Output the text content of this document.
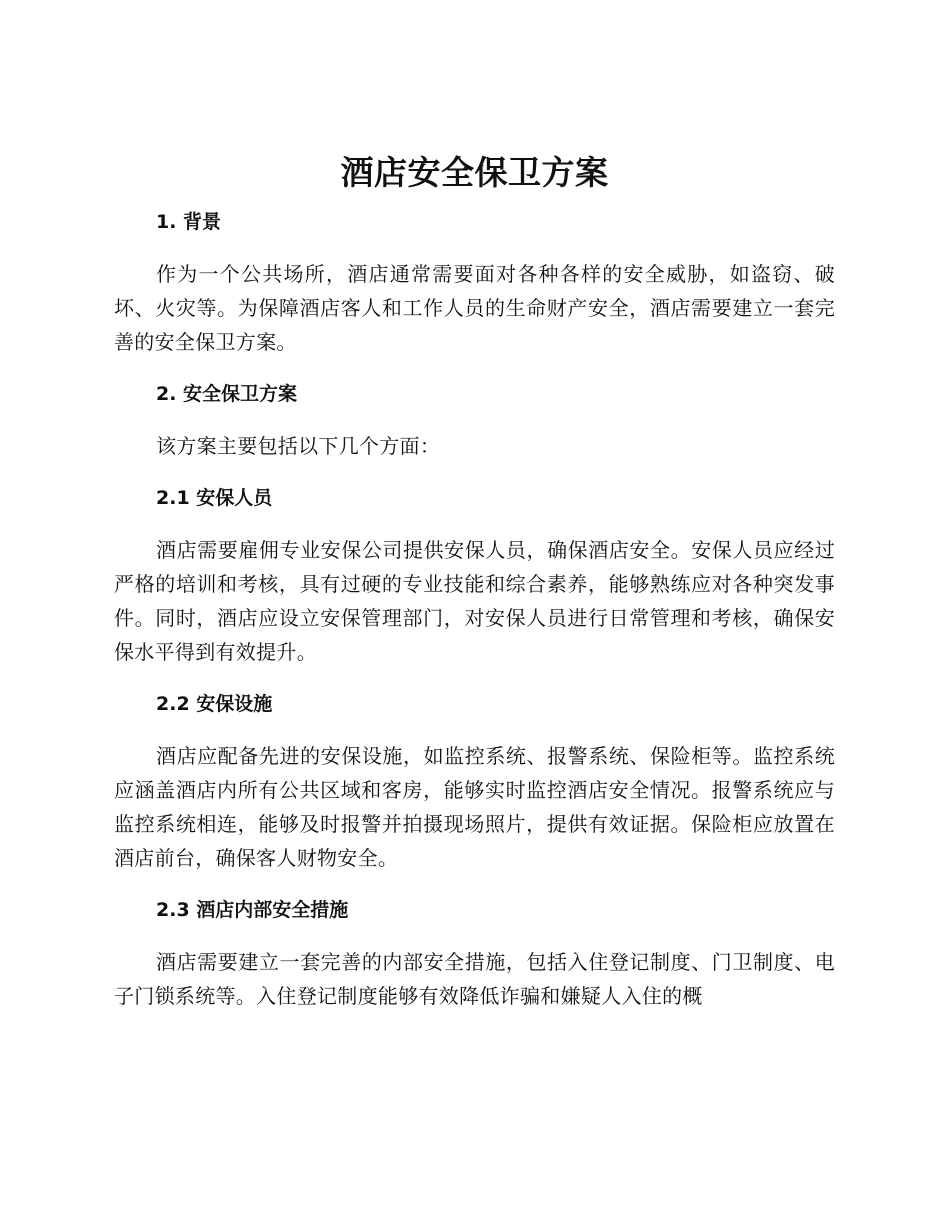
酒店安全保卫方案
1. 背景

作为一个公共场所，酒店通常需要面对各种各样的安全威胁，如盗窃、破坏、火灾等。为保障酒店客人和工作人员的生命财产安全，酒店需要建立一套完善的安全保卫方案。

2. 安全保卫方案

该方案主要包括以下几个方面：

2.1 安保人员

酒店需要雇佣专业安保公司提供安保人员，确保酒店安全。安保人员应经过严格的培训和考核，具有过硬的专业技能和综合素养，能够熟练应对各种突发事件。同时，酒店应设立安保管理部门，对安保人员进行日常管理和考核，确保安保水平得到有效提升。

2.2 安保设施

酒店应配备先进的安保设施，如监控系统、报警系统、保险柜等。监控系统应涵盖酒店内所有公共区域和客房，能够实时监控酒店安全情况。报警系统应与监控系统相连，能够及时报警并拍摄现场照片，提供有效证据。保险柜应放置在酒店前台，确保客人财物安全。

2.3 酒店内部安全措施

酒店需要建立一套完善的内部安全措施，包括入住登记制度、门卫制度、电子门锁系统等。入住登记制度能够有效降低诈骗和嫌疑人入住的概
